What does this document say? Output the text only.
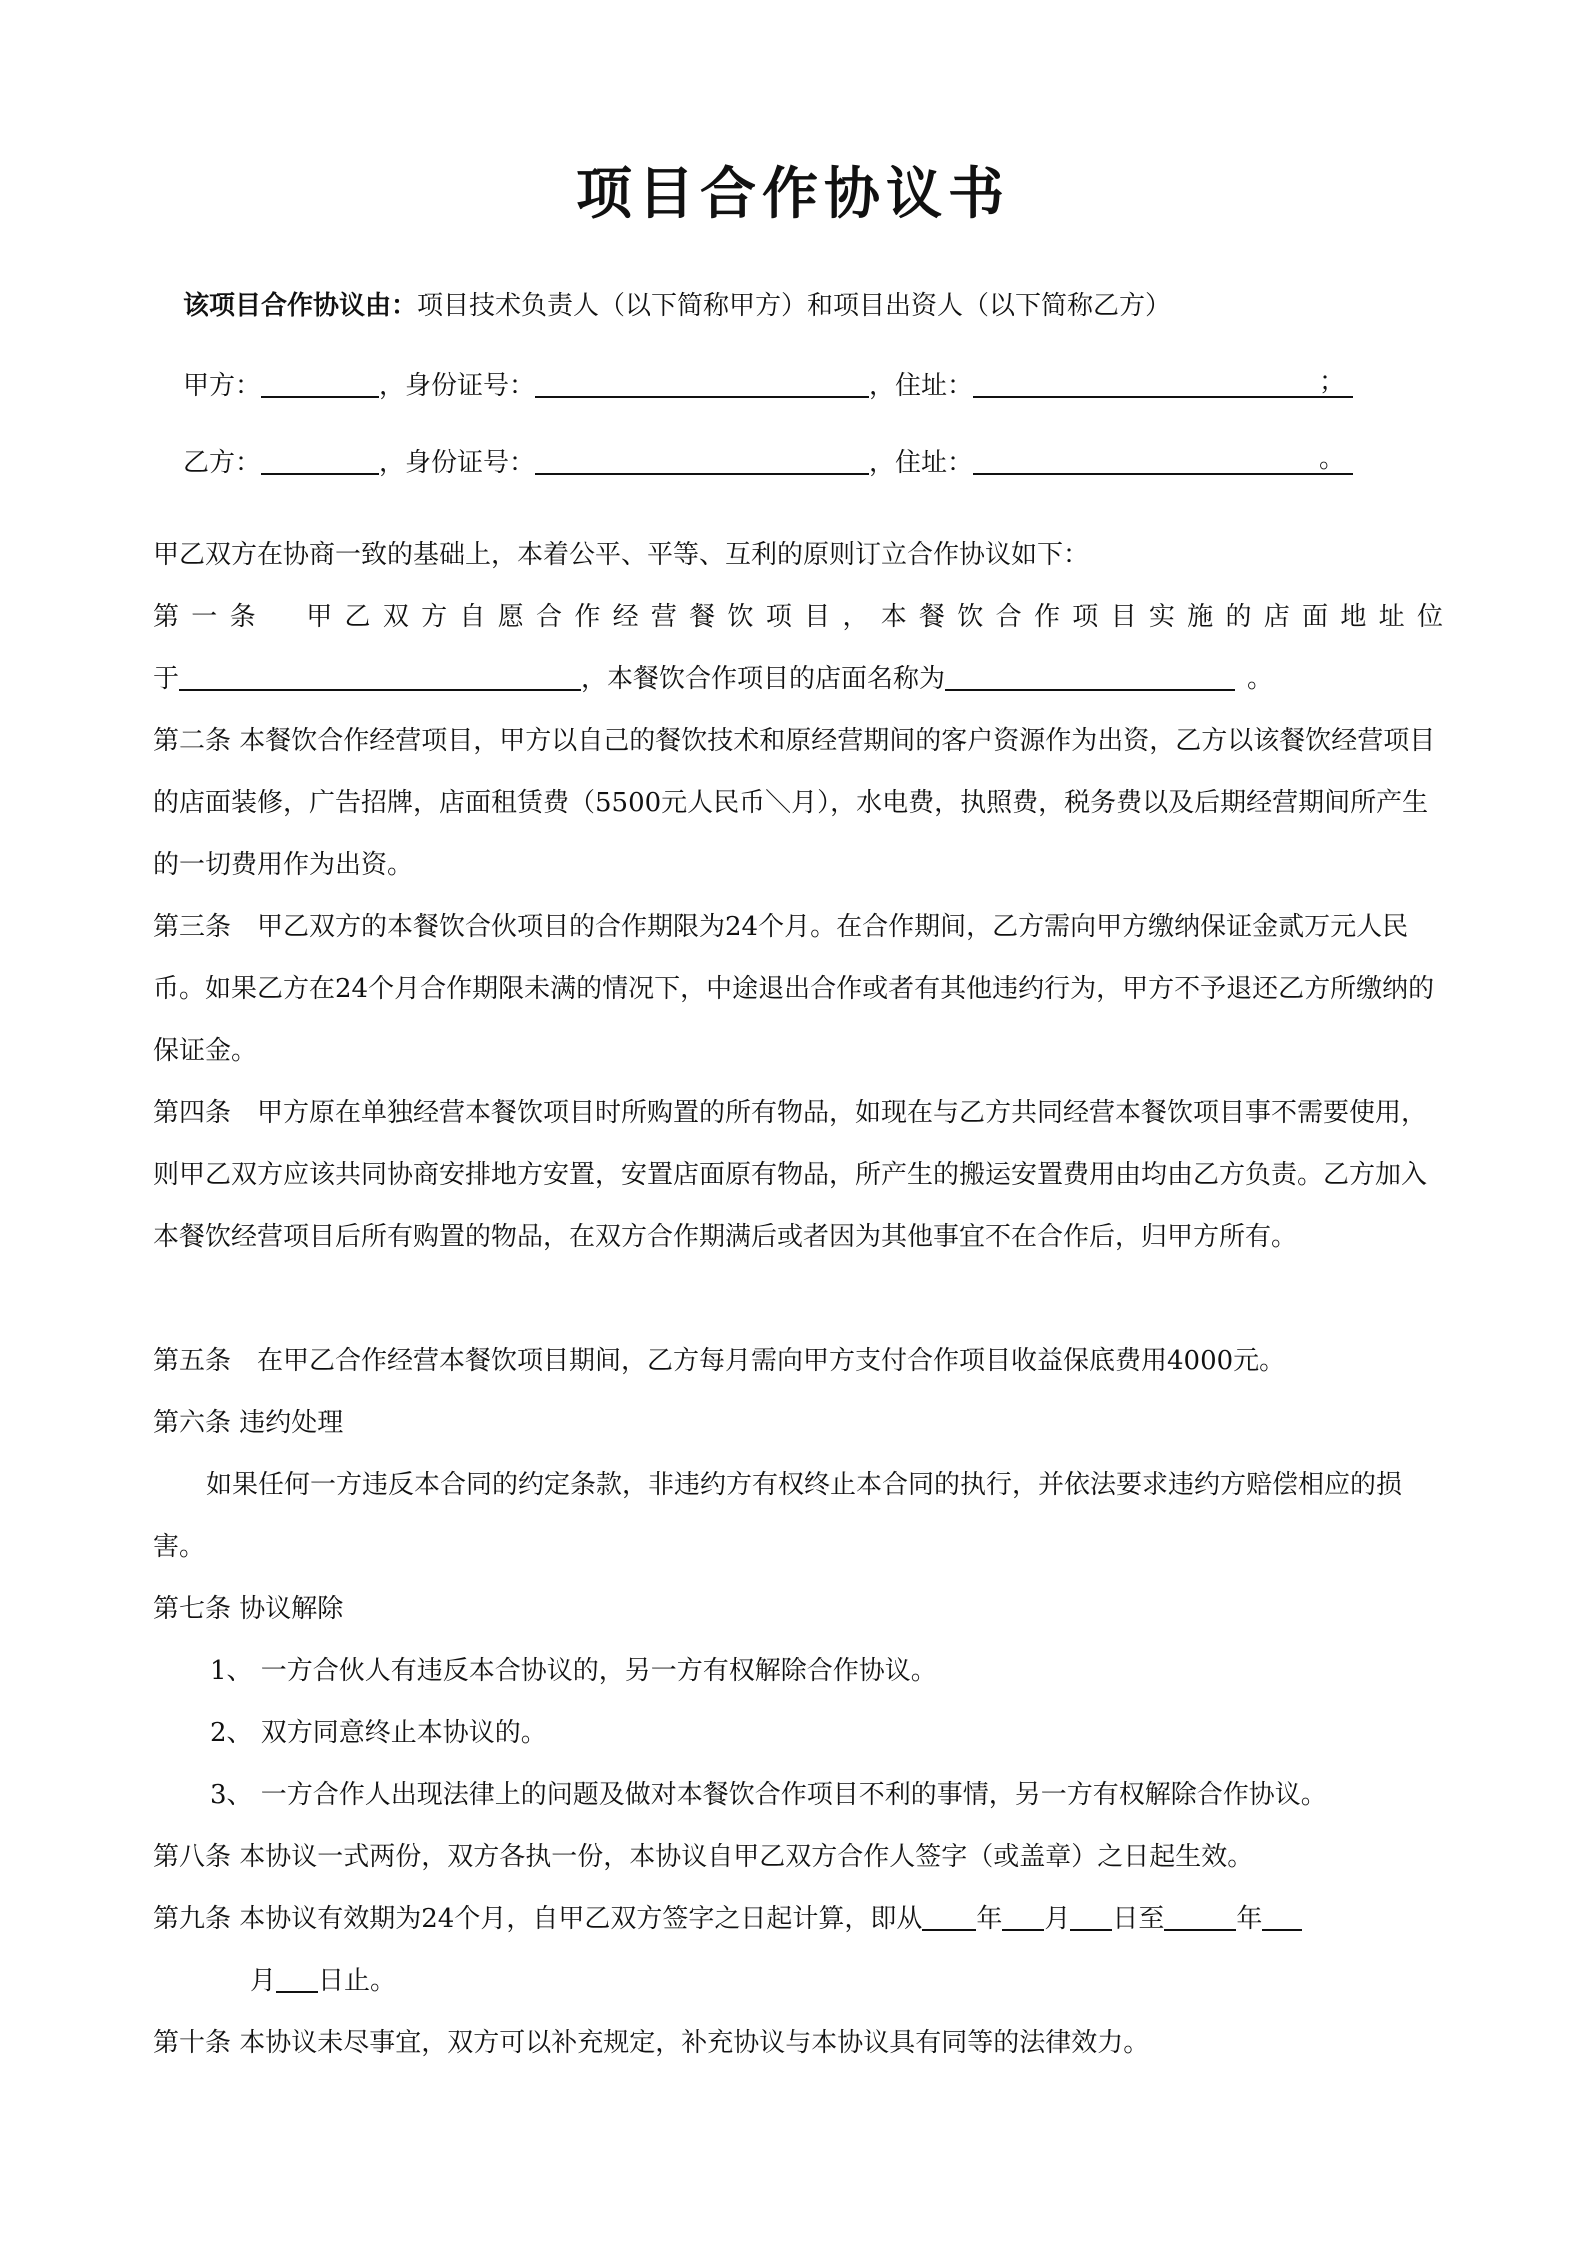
项目合作协议书
该项目合作协议由：项目技术负责人（以下简称甲方）和项目出资人（以下简称乙方）
甲方：	，身份证号：	，住址：	；
乙方：	，身份证号：	，住址：	。
甲乙双方在协商一致的基础上，本着公平、平等、互利的原则订立合作协议如下：
第一条　甲乙双方自愿合作经营餐饮项目，本餐饮合作项目实施的店面地址位
于	，本餐饮合作项目的店面名称为	。
第二条 本餐饮合作经营项目，甲方以自己的餐饮技术和原经营期间的客户资源作为出资，乙方以该餐饮经营项目的店面装修，广告招牌，店面租赁费（5500元人民币＼月），水电费，执照费，税务费以及后期经营期间所产生的一切费用作为出资。
第三条　甲乙双方的本餐饮合伙项目的合作期限为24个月。在合作期间，乙方需向甲方缴纳保证金贰万元人民币。如果乙方在24个月合作期限未满的情况下，中途退出合作或者有其他违约行为，甲方不予退还乙方所缴纳的保证金。
第四条　甲方原在单独经营本餐饮项目时所购置的所有物品，如现在与乙方共同经营本餐饮项目事不需要使用，则甲乙双方应该共同协商安排地方安置，安置店面原有物品，所产生的搬运安置费用由均由乙方负责。乙方加入本餐饮经营项目后所有购置的物品，在双方合作期满后或者因为其他事宜不在合作后，归甲方所有。
第五条　在甲乙合作经营本餐饮项目期间，乙方每月需向甲方支付合作项目收益保底费用4000元。
第六条 违约处理
如果任何一方违反本合同的约定条款，非违约方有权终止本合同的执行，并依法要求违约方赔偿相应的损害。
第七条 协议解除
1、 一方合伙人有违反本合协议的，另一方有权解除合作协议。
2、 双方同意终止本协议的。
3、 一方合作人出现法律上的问题及做对本餐饮合作项目不利的事情，另一方有权解除合作协议。
第八条 本协议一式两份，双方各执一份，本协议自甲乙双方合作人签字（或盖章）之日起生效。
第九条 本协议有效期为24个月，自甲乙双方签字之日起计算，即从 年 月 日至	年
月 日止。
第十条 本协议未尽事宜，双方可以补充规定，补充协议与本协议具有同等的法律效力。
